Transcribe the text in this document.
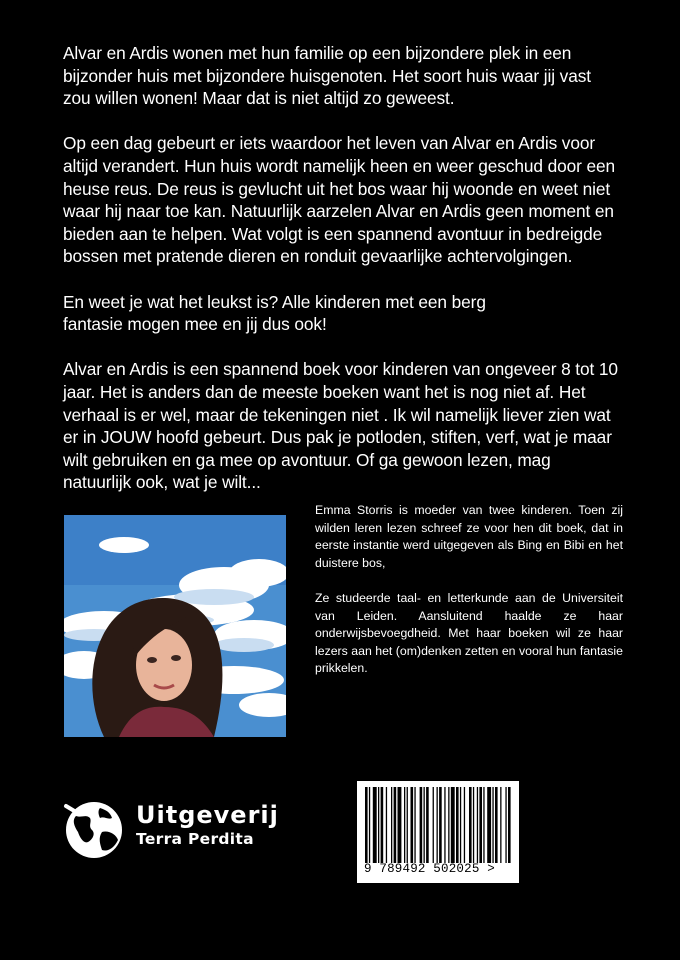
Alvar en Ardis wonen met hun familie op een bijzondere plek in een bijzonder huis met bijzondere huisgenoten. Het soort huis waar jij vast zou willen wonen! Maar dat is niet altijd zo geweest.

Op een dag gebeurt er iets waardoor het leven van Alvar en Ardis voor altijd verandert. Hun huis wordt namelijk heen en weer geschud door een heuse reus. De reus is gevlucht uit het bos waar hij woonde en weet niet waar hij naar toe kan. Natuurlijk aarzelen Alvar en Ardis geen moment en bieden aan te helpen. Wat volgt is een spannend avontuur in bedreigde bossen met pratende dieren en ronduit gevaarlijke achtervolgingen.

En weet je wat het leukst is? Alle kinderen met een berg fantasie mogen mee en jij dus ook!

Alvar en Ardis is een spannend boek voor kinderen van ongeveer 8 tot 10 jaar. Het is anders dan de meeste boeken want het is nog niet af. Het verhaal is er wel, maar de tekeningen niet . Ik wil namelijk liever zien wat er in JOUW hoofd gebeurt. Dus pak je potloden, stiften, verf, wat je maar wilt gebruiken en ga mee op avontuur. Of ga gewoon lezen, mag natuurlijk ook, wat je wilt...

Emma Storris is moeder van twee kinderen. Toen zij wilden leren lezen schreef ze voor hen dit boek, dat in eerste instantie werd uitgegeven als Bing en Bibi en het duistere bos,

Ze studeerde taal- en letterkunde aan de Universiteit van Leiden. Aansluitend haalde ze haar onderwijsbevoegdheid. Met haar boeken wil ze haar lezers aan het (om)denken zetten en vooral hun fantasie prikkelen.

Uitgeverij
Terra Perdita
9 789492 502025 >
